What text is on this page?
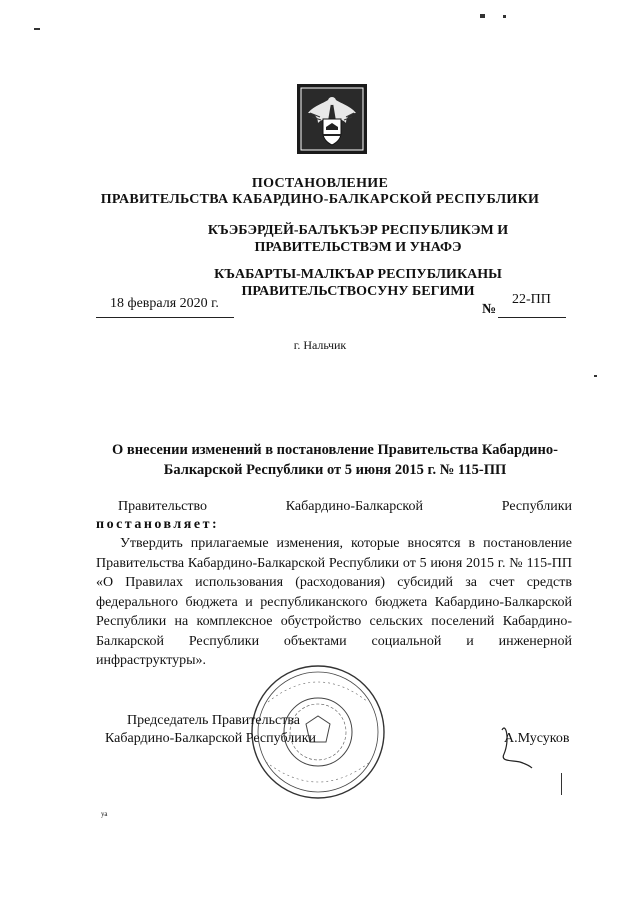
ПОСТАНОВЛЕНИЕ
ПРАВИТЕЛЬСТВА КАБАРДИНО-БАЛКАРСКОЙ РЕСПУБЛИКИ
КЪЭБЭРДЕЙ-БАЛЪКЪЭР РЕСПУБЛИКЭМ И ПРАВИТЕЛЬСТВЭМ И УНАФЭ
КЪАБАРТЫ-МАЛКЪАР РЕСПУБЛИКАНЫ ПРАВИТЕЛЬСТВОСУНУ БЕГИМИ
18 февраля 2020 г.	№
22-ПП
г. Нальчик
О внесении изменений в постановление Правительства Кабардино-Балкарской Республики от 5 июня 2015 г. № 115-ПП
Правительство	Кабардино-Балкарской	Республики
постановляет:
Утвердить прилагаемые изменения, которые вносятся в постановление Правительства Кабардино-Балкарской Республики от 5 июня 2015 г. № 115-ПП «О Правилах использования (расходования) субсидий за счет средств федерального бюджета и республиканского бюджета Кабардино-Балкарской Республики на комплексное обустройство сельских поселений Кабардино-Балкарской Республики объектами социальной и инженерной инфраструктуры».
Председатель Правительства
Кабардино-Балкарской Республики	А.Мусуков
уа
